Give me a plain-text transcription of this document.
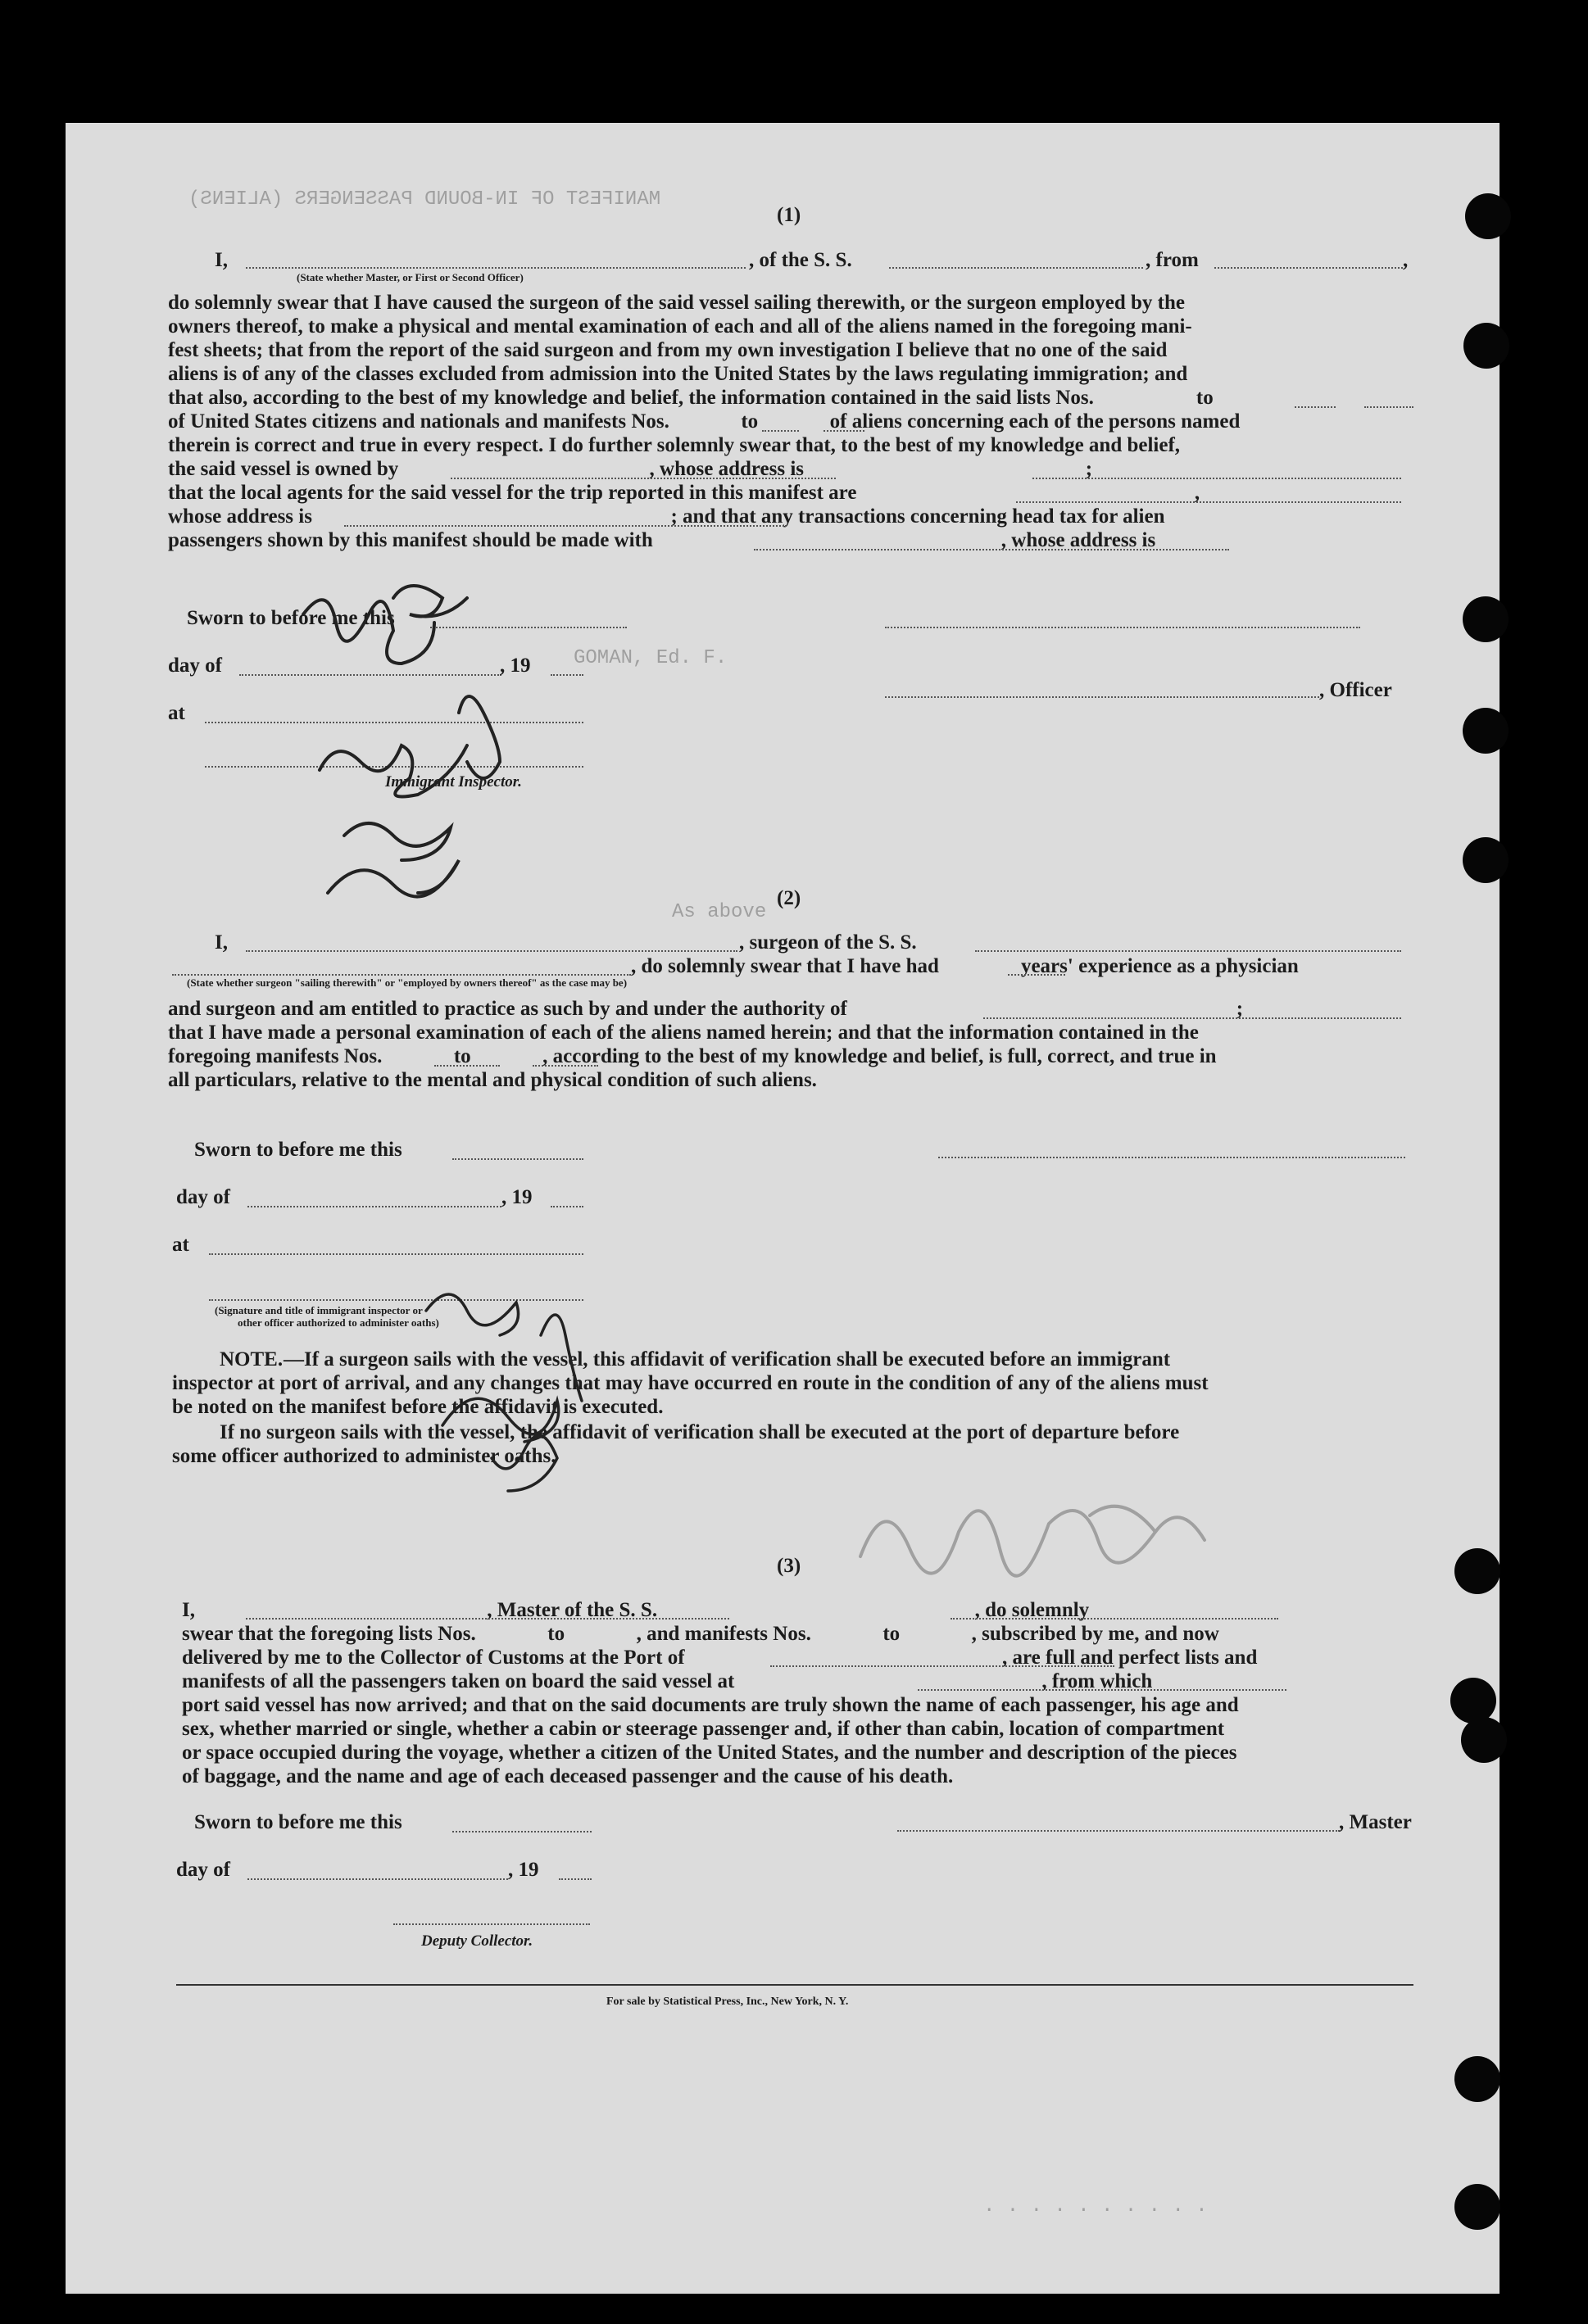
MANIFEST OF IN-BOUND PASSENGERS (ALIENS)
GOMAN, Ed. F.
As above
. . . . . . . . . .
(1)
I,	, of the S. S.	, from	,
(State whether Master, or First or Second Officer)
do solemnly swear that I have caused the surgeon of the said vessel sailing therewith, or the surgeon employed by the
owners thereof, to make a physical and mental examination of each and all of the aliens named in the foregoing mani-
fest sheets; that from the report of the said surgeon and from my own investigation I believe that no one of the said
aliens is of any of the classes excluded from admission into the United States by the laws regulating immigration; and
that also, according to the best of my knowledge and belief, the information contained in the said lists Nos.                    to
of United States citizens and nationals and manifests Nos.              to              of aliens concerning each of the persons named
therein is correct and true in every respect. I do further solemnly swear that, to the best of my knowledge and belief,
the said vessel is owned by                                                 , whose address is                                                       ;
that the local agents for the said vessel for the trip reported in this manifest are                                                                  ,
whose address is                                                                      ; and that any transactions concerning head tax for alien
passengers shown by this manifest should be made with                                                                    , whose address is
Sworn to before me this
day of	, 19
at
Immigrant Inspector.
, Officer
(2)
I,	, surgeon of the S. S.
, do solemnly swear that I have had                years' experience as a physician
(State whether surgeon "sailing therewith" or "employed by owners thereof" as the case may be)
and surgeon and am entitled to practice as such by and under the authority of                                                                            ;
that I have made a personal examination of each of the aliens named herein; and that the information contained in the
foregoing manifests Nos.              to              , according to the best of my knowledge and belief, is full, correct, and true in
all particulars, relative to the mental and physical condition of such aliens.
Sworn to before me this
day of	, 19
at
(Signature and title of immigrant inspector or
other officer authorized to administer oaths)
NOTE. —If a surgeon sails with the vessel, this affidavit of verification shall be executed before an immigrant
inspector at port of arrival, and any changes that may have occurred en route in the condition of any of the aliens must
be noted on the manifest before the affidavit is executed.
If no surgeon sails with the vessel, the affidavit of verification shall be executed at the port of departure before
some officer authorized to administer oaths.
(3)
I,                                                         , Master of the S. S.                                                              , do solemnly
swear that the foregoing lists Nos.              to              , and manifests Nos.              to              , subscribed by me, and now
delivered by me to the Collector of Customs at the Port of                                                              , are full and perfect lists and
manifests of all the passengers taken on board the said vessel at                                                            , from which
port said vessel has now arrived; and that on the said documents are truly shown the name of each passenger, his age and
sex, whether married or single, whether a cabin or steerage passenger and, if other than cabin, location of compartment
or space occupied during the voyage, whether a citizen of the United States, and the number and description of the pieces
of baggage, and the name and age of each deceased passenger and the cause of his death.
Sworn to before me this
day of	, 19
Deputy Collector.
, Master
For sale by Statistical Press, Inc., New York, N. Y.
